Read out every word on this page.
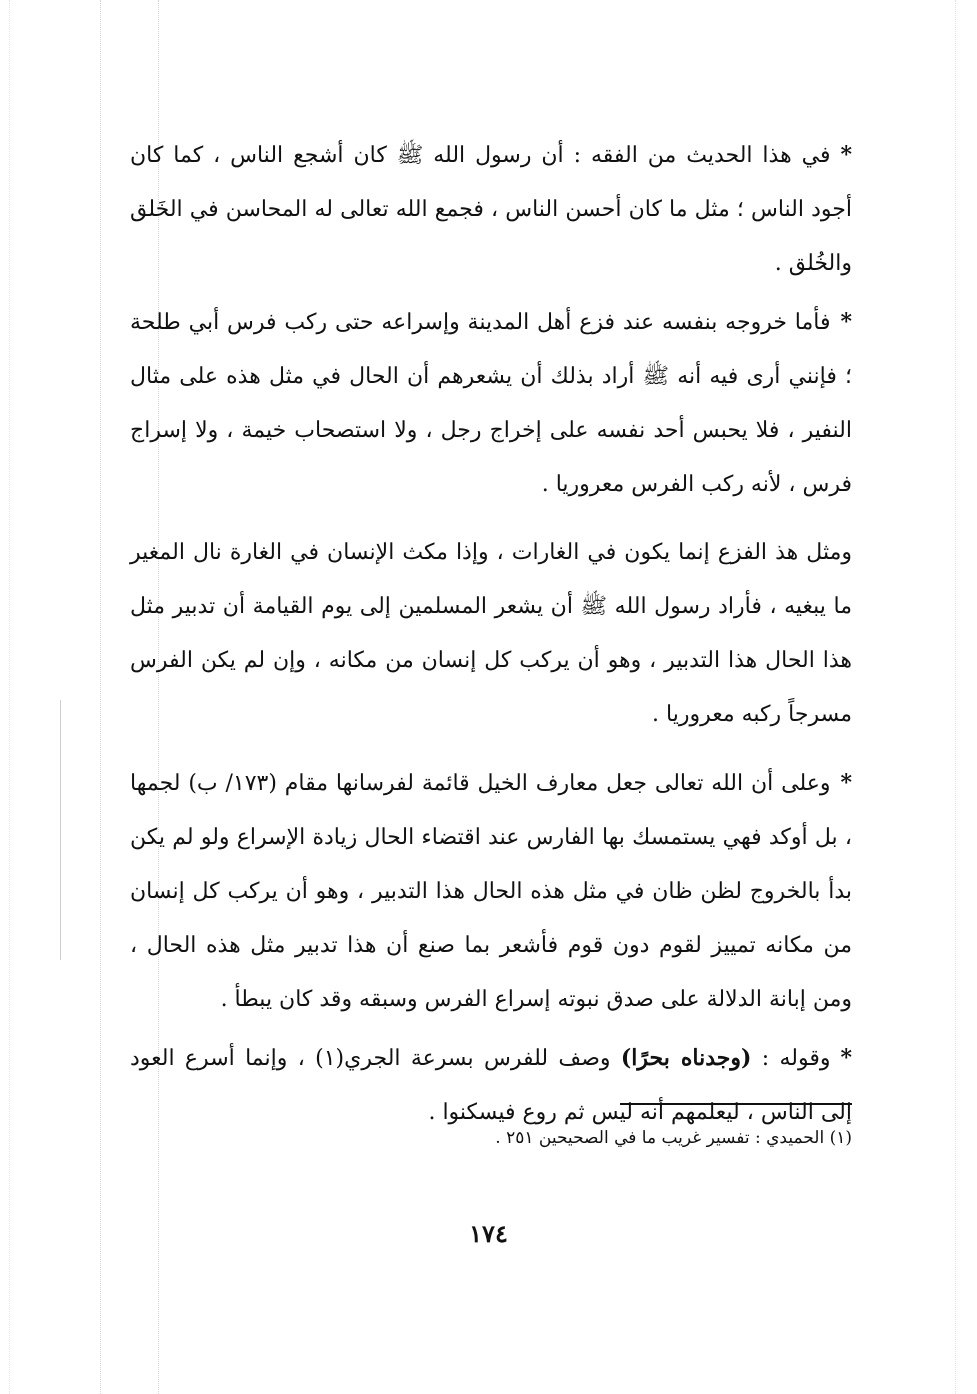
*في هذا الحديث من الفقه : أن رسول الله ﷺ كان أشجع الناس ، كما كان أجود الناس ؛ مثل ما كان أحسن الناس ، فجمع الله تعالى له المحاسن في الخَلق والخُلق .

*فأما خروجه بنفسه عند فزع أهل المدينة وإسراعه حتى ركب فرس أبي طلحة ؛ فإنني أرى فيه أنه ﷺ أراد بذلك أن يشعرهم أن الحال في مثل هذه على مثال النفير ، فلا يحبس أحد نفسه على إخراج رجل ، ولا استصحاب خيمة ، ولا إسراج فرس ، لأنه ركب الفرس معروريا .

ومثل هذ الفزع إنما يكون في الغارات ، وإذا مكث الإنسان في الغارة نال المغير ما يبغيه ، فأراد رسول الله ﷺ أن يشعر المسلمين إلى يوم القيامة أن تدبير مثل هذا الحال هذا التدبير ، وهو أن يركب كل إنسان من مكانه ، وإن لم يكن الفرس مسرجاً ركبه معروريا .

*وعلى أن الله تعالى جعل معارف الخيل قائمة لفرسانها مقام (١٧٣/ ب) لجمها ، بل أوكد فهي يستمسك بها الفارس عند اقتضاء الحال زيادة الإسراع ولو لم يكن بدأ بالخروج لظن ظان في مثل هذه الحال هذا التدبير ، وهو أن يركب كل إنسان من مكانه تمييز لقوم دون قوم فأشعر بما صنع أن هذا تدبير مثل هذه الحال ، ومن إبانة الدلالة على صدق نبوته إسراع الفرس وسبقه وقد كان يبطأ .

*وقوله : (وجدناه بحرًا) وصف للفرس بسرعة الجري(١) ، وإنما أسرع العود إلى الناس ، ليعلمهم أنه ليس ثم روع فيسكنوا .

(١) الحميدي : تفسير غريب ما في الصحيحين ٢٥١ .
١٧٤
